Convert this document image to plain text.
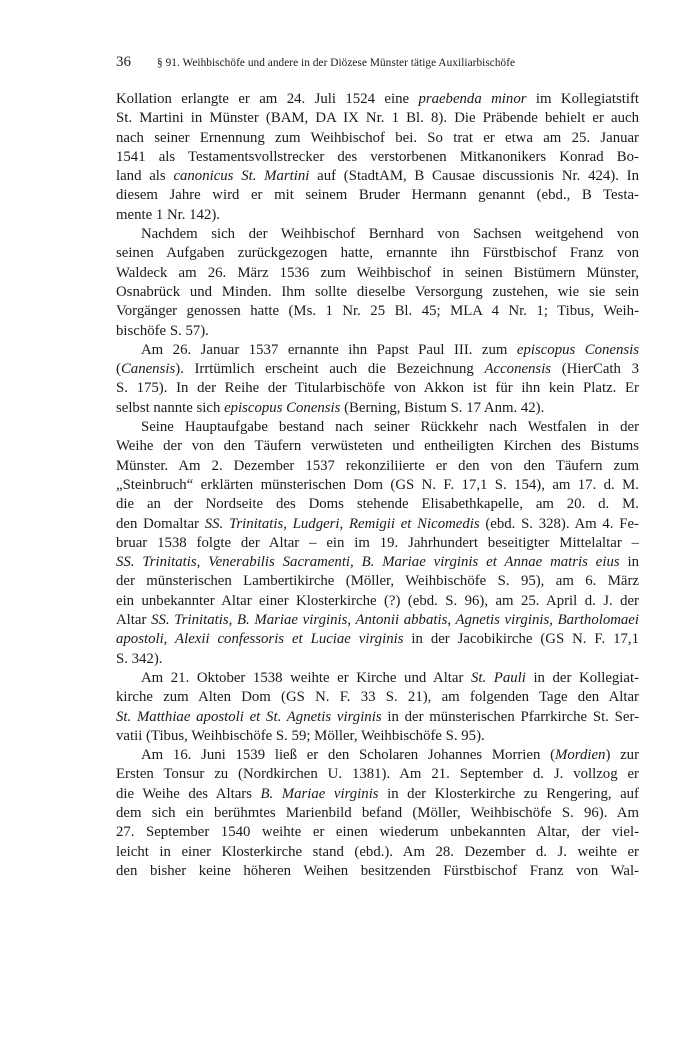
36 § 91. Weihbischöfe und andere in der Diözese Münster tätige Auxiliarbischöfe
Kollation erlangte er am 24. Juli 1524 eine praebenda minor im Kollegiatstift
St. Martini in Münster (BAM, DA IX Nr. 1 Bl. 8). Die Präbende behielt er auch
nach seiner Ernennung zum Weihbischof bei. So trat er etwa am 25. Januar
1541 als Testamentsvollstrecker des verstorbenen Mitkanonikers Konrad Bo-
land als canonicus St. Martini auf (StadtAM, B Causae discussionis Nr. 424). In
diesem Jahre wird er mit seinem Bruder Hermann genannt (ebd., B Testa-
mente 1 Nr. 142).
Nachdem sich der Weihbischof Bernhard von Sachsen weitgehend von
seinen Aufgaben zurückgezogen hatte, ernannte ihn Fürstbischof Franz von
Waldeck am 26. März 1536 zum Weihbischof in seinen Bistümern Münster,
Osnabrück und Minden. Ihm sollte dieselbe Versorgung zustehen, wie sie sein
Vorgänger genossen hatte (Ms. 1 Nr. 25 Bl. 45; MLA 4 Nr. 1; Tibus, Weih-
bischöfe S. 57).
Am 26. Januar 1537 ernannte ihn Papst Paul III. zum episcopus Conensis
(Canensis). Irrtümlich erscheint auch die Bezeichnung Acconensis (HierCath 3
S. 175). In der Reihe der Titularbischöfe von Akkon ist für ihn kein Platz. Er
selbst nannte sich episcopus Conensis (Berning, Bistum S. 17 Anm. 42).
Seine Hauptaufgabe bestand nach seiner Rückkehr nach Westfalen in der
Weihe der von den Täufern verwüsteten und entheiligten Kirchen des Bistums
Münster. Am 2. Dezember 1537 rekonziliierte er den von den Täufern zum
„Steinbruch“ erklärten münsterischen Dom (GS N. F. 17,1 S. 154), am 17. d. M.
die an der Nordseite des Doms stehende Elisabethkapelle, am 20. d. M.
den Domaltar SS. Trinitatis, Ludgeri, Remigii et Nicomedis (ebd. S. 328). Am 4. Fe-
bruar 1538 folgte der Altar – ein im 19. Jahrhundert beseitigter Mittelaltar –
SS. Trinitatis, Venerabilis Sacramenti, B. Mariae virginis et Annae matris eius in
der münsterischen Lambertikirche (Möller, Weihbischöfe S. 95), am 6. März
ein unbekannter Altar einer Klosterkirche (?) (ebd. S. 96), am 25. April d. J. der
Altar SS. Trinitatis, B. Mariae virginis, Antonii abbatis, Agnetis virginis, Bartholomaei
apostoli, Alexii confessoris et Luciae virginis in der Jacobikirche (GS N. F. 17,1
S. 342).
Am 21. Oktober 1538 weihte er Kirche und Altar St. Pauli in der Kollegiat-
kirche zum Alten Dom (GS N. F. 33 S. 21), am folgenden Tage den Altar
St. Matthiae apostoli et St. Agnetis virginis in der münsterischen Pfarrkirche St. Ser-
vatii (Tibus, Weihbischöfe S. 59; Möller, Weihbischöfe S. 95).
Am 16. Juni 1539 ließ er den Scholaren Johannes Morrien (Mordien) zur
Ersten Tonsur zu (Nordkirchen U. 1381). Am 21. September d. J. vollzog er
die Weihe des Altars B. Mariae virginis in der Klosterkirche zu Rengering, auf
dem sich ein berühmtes Marienbild befand (Möller, Weihbischöfe S. 96). Am
27. September 1540 weihte er einen wiederum unbekannten Altar, der viel-
leicht in einer Klosterkirche stand (ebd.). Am 28. Dezember d. J. weihte er
den bisher keine höheren Weihen besitzenden Fürstbischof Franz von Wal-
